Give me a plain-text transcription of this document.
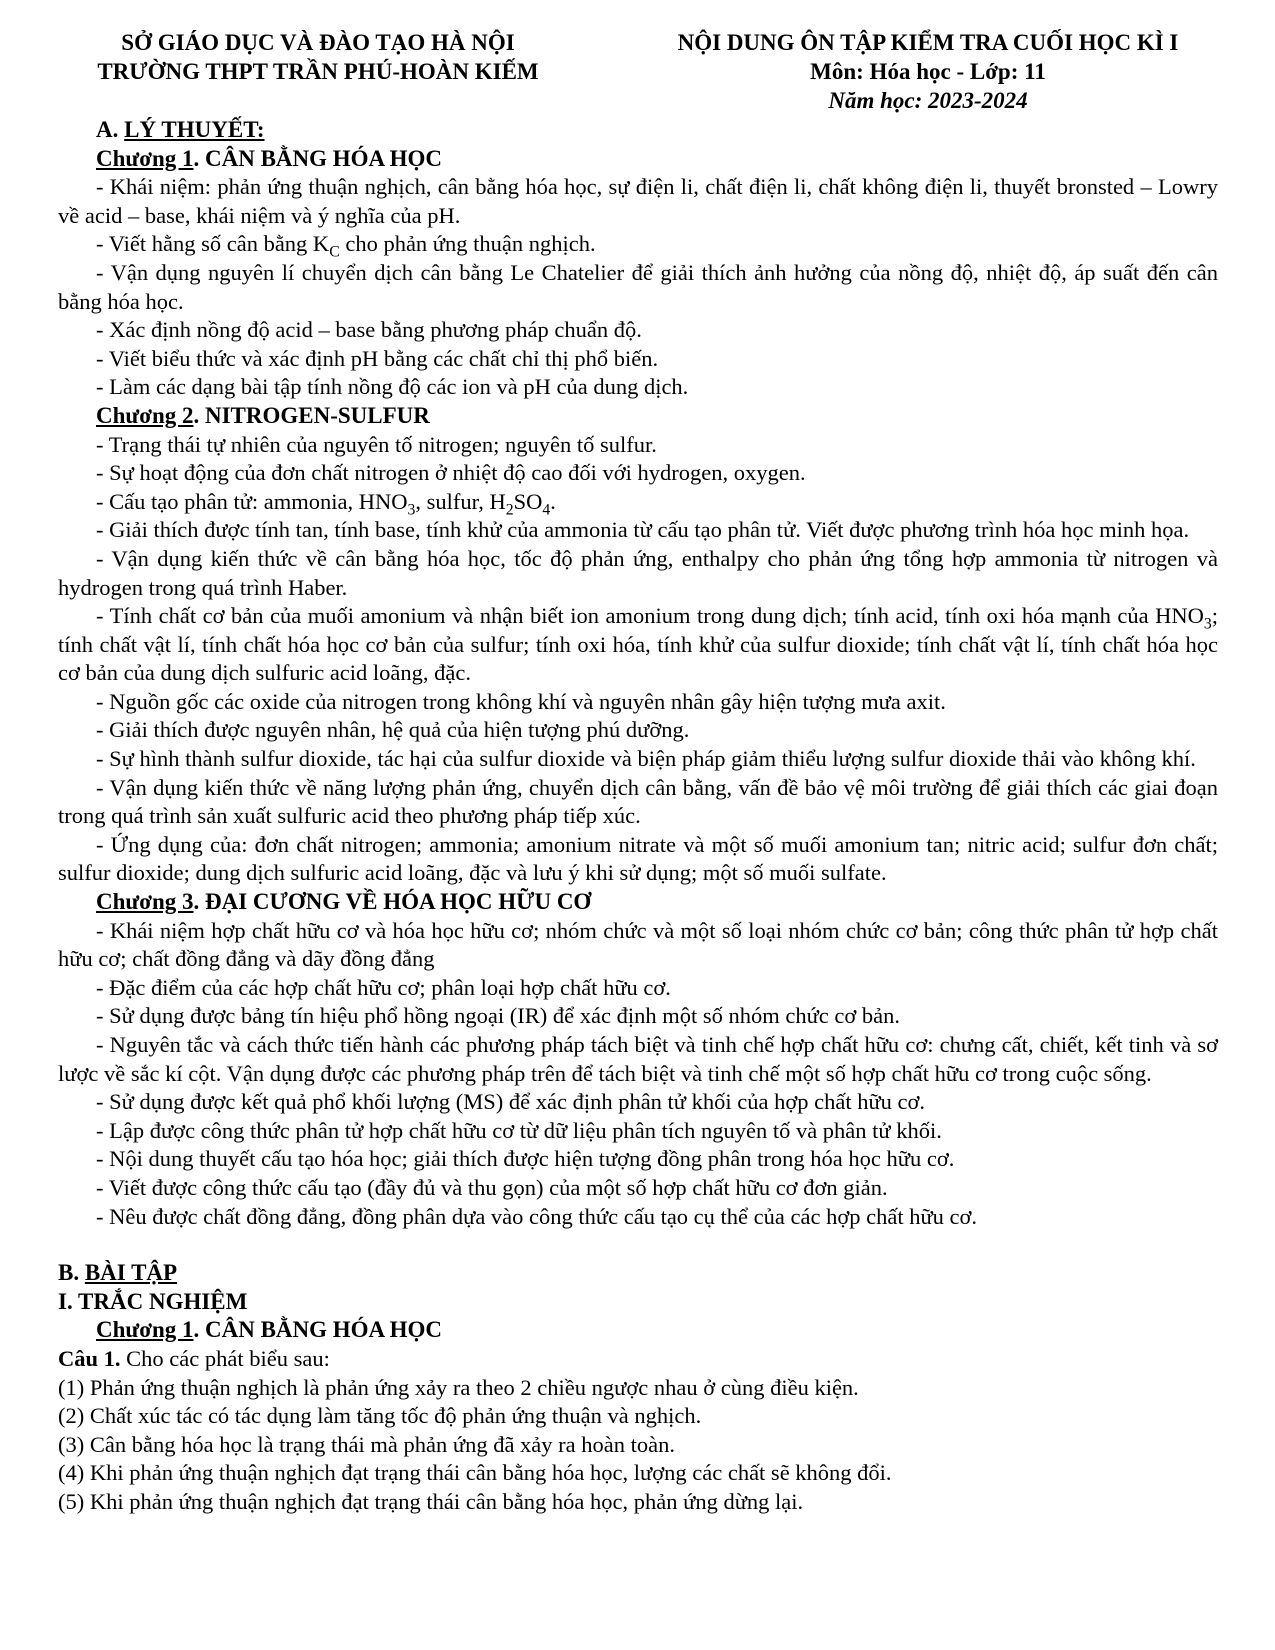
SỞ GIÁO DỤC VÀ ĐÀO TẠO HÀ NỘI
TRƯỜNG THPT TRẦN PHÚ-HOÀN KIẾM
NỘI DUNG ÔN TẬP KIỂM TRA CUỐI HỌC KÌ I
Môn: Hóa học - Lớp: 11
Năm học: 2023-2024
A. LÝ THUYẾT:
Chương 1. CÂN BẰNG HÓA HỌC

- Khái niệm: phản ứng thuận nghịch, cân bằng hóa học, sự điện li, chất điện li, chất không điện li, thuyết bronsted – Lowry về acid – base, khái niệm và ý nghĩa của pH.

- Viết hằng số cân bằng $K_C$ cho phản ứng thuận nghịch.

- Vận dụng nguyên lí chuyển dịch cân bằng Le Chatelier để giải thích ảnh hưởng của nồng độ, nhiệt độ, áp suất đến cân bằng hóa học.

- Xác định nồng độ acid – base bằng phương pháp chuẩn độ.

- Viết biểu thức và xác định pH bằng các chất chỉ thị phổ biến.

- Làm các dạng bài tập tính nồng độ các ion và pH của dung dịch.

Chương 2. NITROGEN-SULFUR

- Trạng thái tự nhiên của nguyên tố nitrogen; nguyên tố sulfur.

- Sự hoạt động của đơn chất nitrogen ở nhiệt độ cao đối với hydrogen, oxygen.

- Cấu tạo phân tử: ammonia, $HNO_3$, sulfur, $H_2SO_4$.

- Giải thích được tính tan, tính base, tính khử của ammonia từ cấu tạo phân tử. Viết được phương trình hóa học minh họa.

- Vận dụng kiến thức về cân bằng hóa học, tốc độ phản ứng, enthalpy cho phản ứng tổng hợp ammonia từ nitrogen và hydrogen trong quá trình Haber.

- Tính chất cơ bản của muối amonium và nhận biết ion amonium trong dung dịch; tính acid, tính oxi hóa mạnh của $HNO_3$; tính chất vật lí, tính chất hóa học cơ bản của sulfur; tính oxi hóa, tính khử của sulfur dioxide; tính chất vật lí, tính chất hóa học cơ bản của dung dịch sulfuric acid loãng, đặc.

- Nguồn gốc các oxide của nitrogen trong không khí và nguyên nhân gây hiện tượng mưa axit.

- Giải thích được nguyên nhân, hệ quả của hiện tượng phú dưỡng.

- Sự hình thành sulfur dioxide, tác hại của sulfur dioxide và biện pháp giảm thiểu lượng sulfur dioxide thải vào không khí.

- Vận dụng kiến thức về năng lượng phản ứng, chuyển dịch cân bằng, vấn đề bảo vệ môi trường để giải thích các giai đoạn trong quá trình sản xuất sulfuric acid theo phương pháp tiếp xúc.

- Ứng dụng của: đơn chất nitrogen; ammonia; amonium nitrate và một số muối amonium tan; nitric acid; sulfur đơn chất; sulfur dioxide; dung dịch sulfuric acid loãng, đặc và lưu ý khi sử dụng; một số muối sulfate.

Chương 3. ĐẠI CƯƠNG VỀ HÓA HỌC HỮU CƠ

- Khái niệm hợp chất hữu cơ và hóa học hữu cơ; nhóm chức và một số loại nhóm chức cơ bản; công thức phân tử hợp chất hữu cơ; chất đồng đẳng và dãy đồng đẳng

- Đặc điểm của các hợp chất hữu cơ; phân loại hợp chất hữu cơ.

- Sử dụng được bảng tín hiệu phổ hồng ngoại (IR) để xác định một số nhóm chức cơ bản.

- Nguyên tắc và cách thức tiến hành các phương pháp tách biệt và tinh chế hợp chất hữu cơ: chưng cất, chiết, kết tinh và sơ lược về sắc kí cột. Vận dụng được các phương pháp trên để tách biệt và tinh chế một số hợp chất hữu cơ trong cuộc sống.

- Sử dụng được kết quả phổ khối lượng (MS) để xác định phân tử khối của hợp chất hữu cơ.

- Lập được công thức phân tử hợp chất hữu cơ từ dữ liệu phân tích nguyên tố và phân tử khối.

- Nội dung thuyết cấu tạo hóa học; giải thích được hiện tượng đồng phân trong hóa học hữu cơ.

- Viết được công thức cấu tạo (đầy đủ và thu gọn) của một số hợp chất hữu cơ đơn giản.

- Nêu được chất đồng đẳng, đồng phân dựa vào công thức cấu tạo cụ thể của các hợp chất hữu cơ.

B. BÀI TẬP
I. TRẮC NGHIỆM
Chương 1. CÂN BẰNG HÓA HỌC

Câu 1. Cho các phát biểu sau:

(1) Phản ứng thuận nghịch là phản ứng xảy ra theo 2 chiều ngược nhau ở cùng điều kiện.

(2) Chất xúc tác có tác dụng làm tăng tốc độ phản ứng thuận và nghịch.

(3) Cân bằng hóa học là trạng thái mà phản ứng đã xảy ra hoàn toàn.

(4) Khi phản ứng thuận nghịch đạt trạng thái cân bằng hóa học, lượng các chất sẽ không đổi.

(5) Khi phản ứng thuận nghịch đạt trạng thái cân bằng hóa học, phản ứng dừng lại.
